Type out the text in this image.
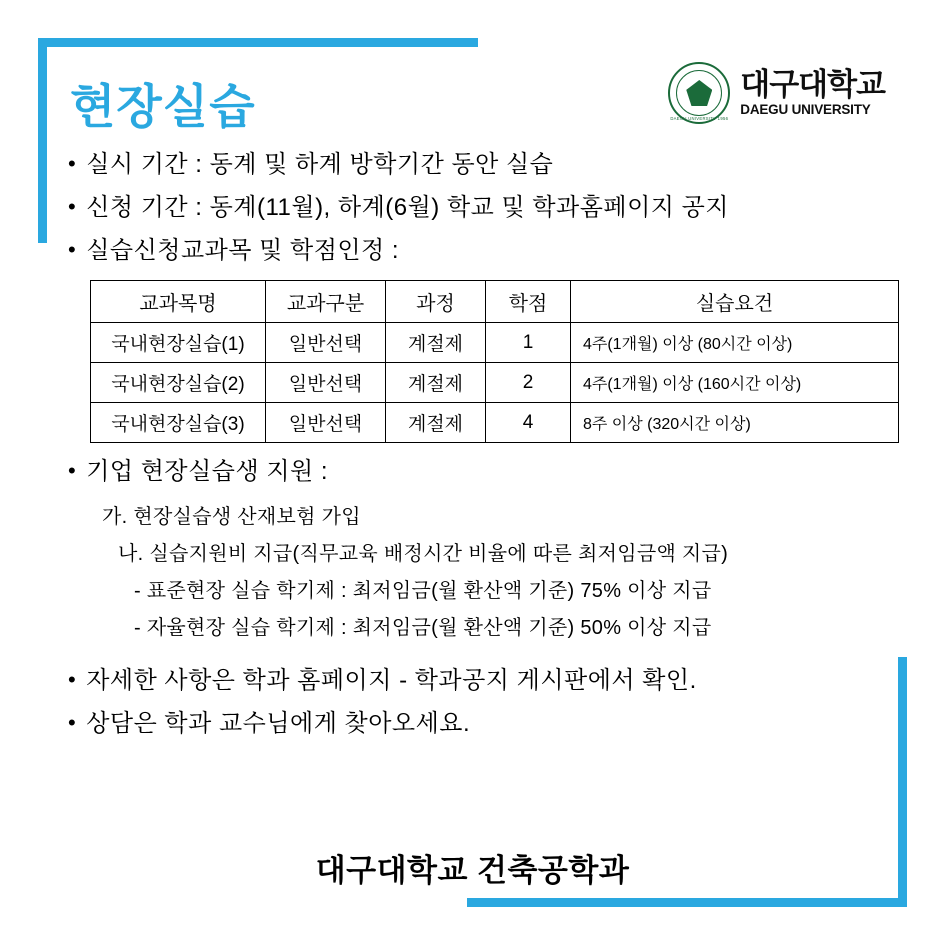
현장실습	DAEGU UNIVERSITY 1956
대구대학교
DAEGU UNIVERSITY
• 실시 기간 : 동계 및 하계 방학기간 동안 실습
• 신청 기간 : 동계(11월), 하계(6월) 학교 및 학과홈페이지 공지
• 실습신청교과목 및 학점인정 :
교과목명	교과구분	과정	학점	실습요건
국내현장실습(1)	일반선택	계절제	1	4주(1개월) 이상 (80시간 이상)
국내현장실습(2)	일반선택	계절제	2	4주(1개월) 이상 (160시간 이상)
국내현장실습(3)	일반선택	계절제	4	8주 이상 (320시간 이상)
• 기업 현장실습생 지원 :
가. 현장실습생 산재보험 가입
나. 실습지원비 지급(직무교육 배정시간 비율에 따른 최저임금액 지급)
- 표준현장 실습 학기제 : 최저임금(월 환산액 기준) 75% 이상 지급
- 자율현장 실습 학기제 : 최저임금(월 환산액 기준) 50% 이상 지급
• 자세한 사항은 학과 홈페이지 - 학과공지 게시판에서 확인.
• 상담은 학과 교수님에게 찾아오세요.
대구대학교 건축공학과
